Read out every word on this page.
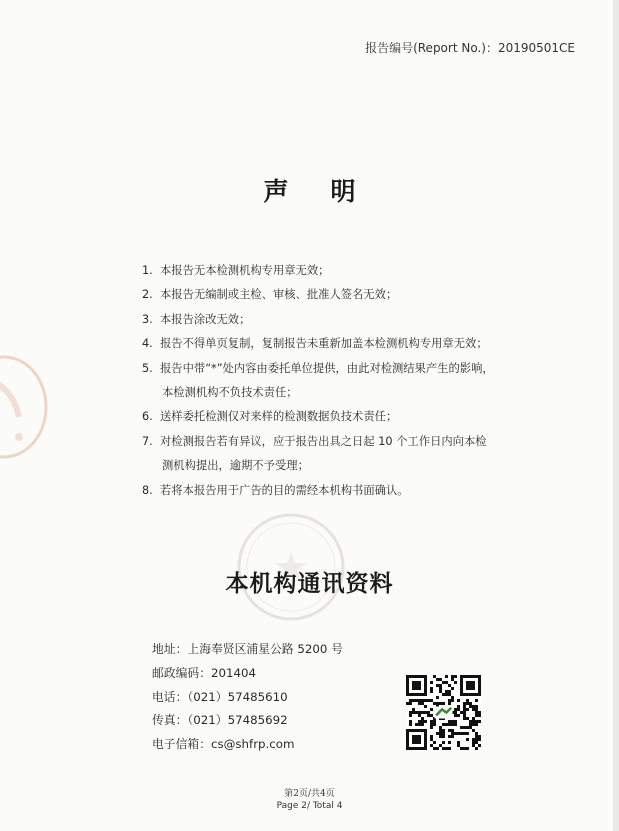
报告编号(Report No.)：20190501CE
声明
1. 本报告无本检测机构专用章无效；
2. 本报告无编制或主检、审核、批准人签名无效；
3. 本报告涂改无效；
4. 报告不得单页复制，复制报告未重新加盖本检测机构专用章无效；
5. 报告中带“*”处内容由委托单位提供，由此对检测结果产生的影响，
本检测机构不负技术责任；
6. 送样委托检测仅对来样的检测数据负技术责任；
7. 对检测报告若有异议，应于报告出具之日起 10 个工作日内向本检
测机构提出，逾期不予受理；
8. 若将本报告用于广告的目的需经本机构书面确认。
本机构通讯资料
地址：上海奉贤区浦星公路 5200 号
邮政编码：201404
电话：（021）57485610
传真：（021）57485692
电子信箱：cs@shfrp.com
第2页/共4页
Page 2/ Total 4
